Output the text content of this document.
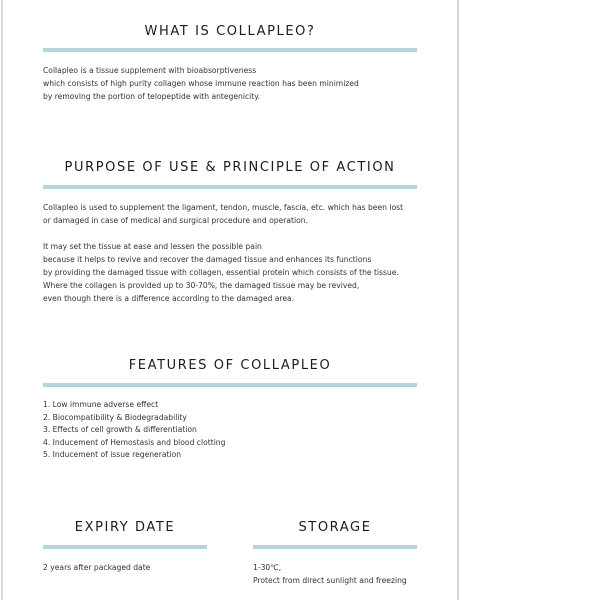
WHAT IS COLLAPLEO?
Collapleo is a tissue supplement with bioabsorptiveness
which consists of high purity collagen whose immune reaction has been minimized
by removing the portion of telopeptide with antegenicity.
PURPOSE OF USE & PRINCIPLE OF ACTION
Collapleo is used to supplement the ligament, tendon, muscle, fascia, etc. which has been lost
or damaged in case of medical and surgical procedure and operation.
It may set the tissue at ease and lessen the possible pain
because it helps to revive and recover the damaged tissue and enhances its functions
by providing the damaged tissue with collagen, essential protein which consists of the tissue.
Where the collagen is provided up to 30-70%, the damaged tissue may be revived,
even though there is a difference according to the damaged area.
FEATURES OF COLLAPLEO
1. Low immune adverse effect
2. Biocompatibility & Biodegradability
3. Effects of cell growth & differentiation
4. Inducement of Hemostasis and blood clotting
5. Inducement of issue regeneration
EXPIRY DATE
2 years after packaged date
STORAGE
1-30℃,
Protect from direct sunlight and freezing
